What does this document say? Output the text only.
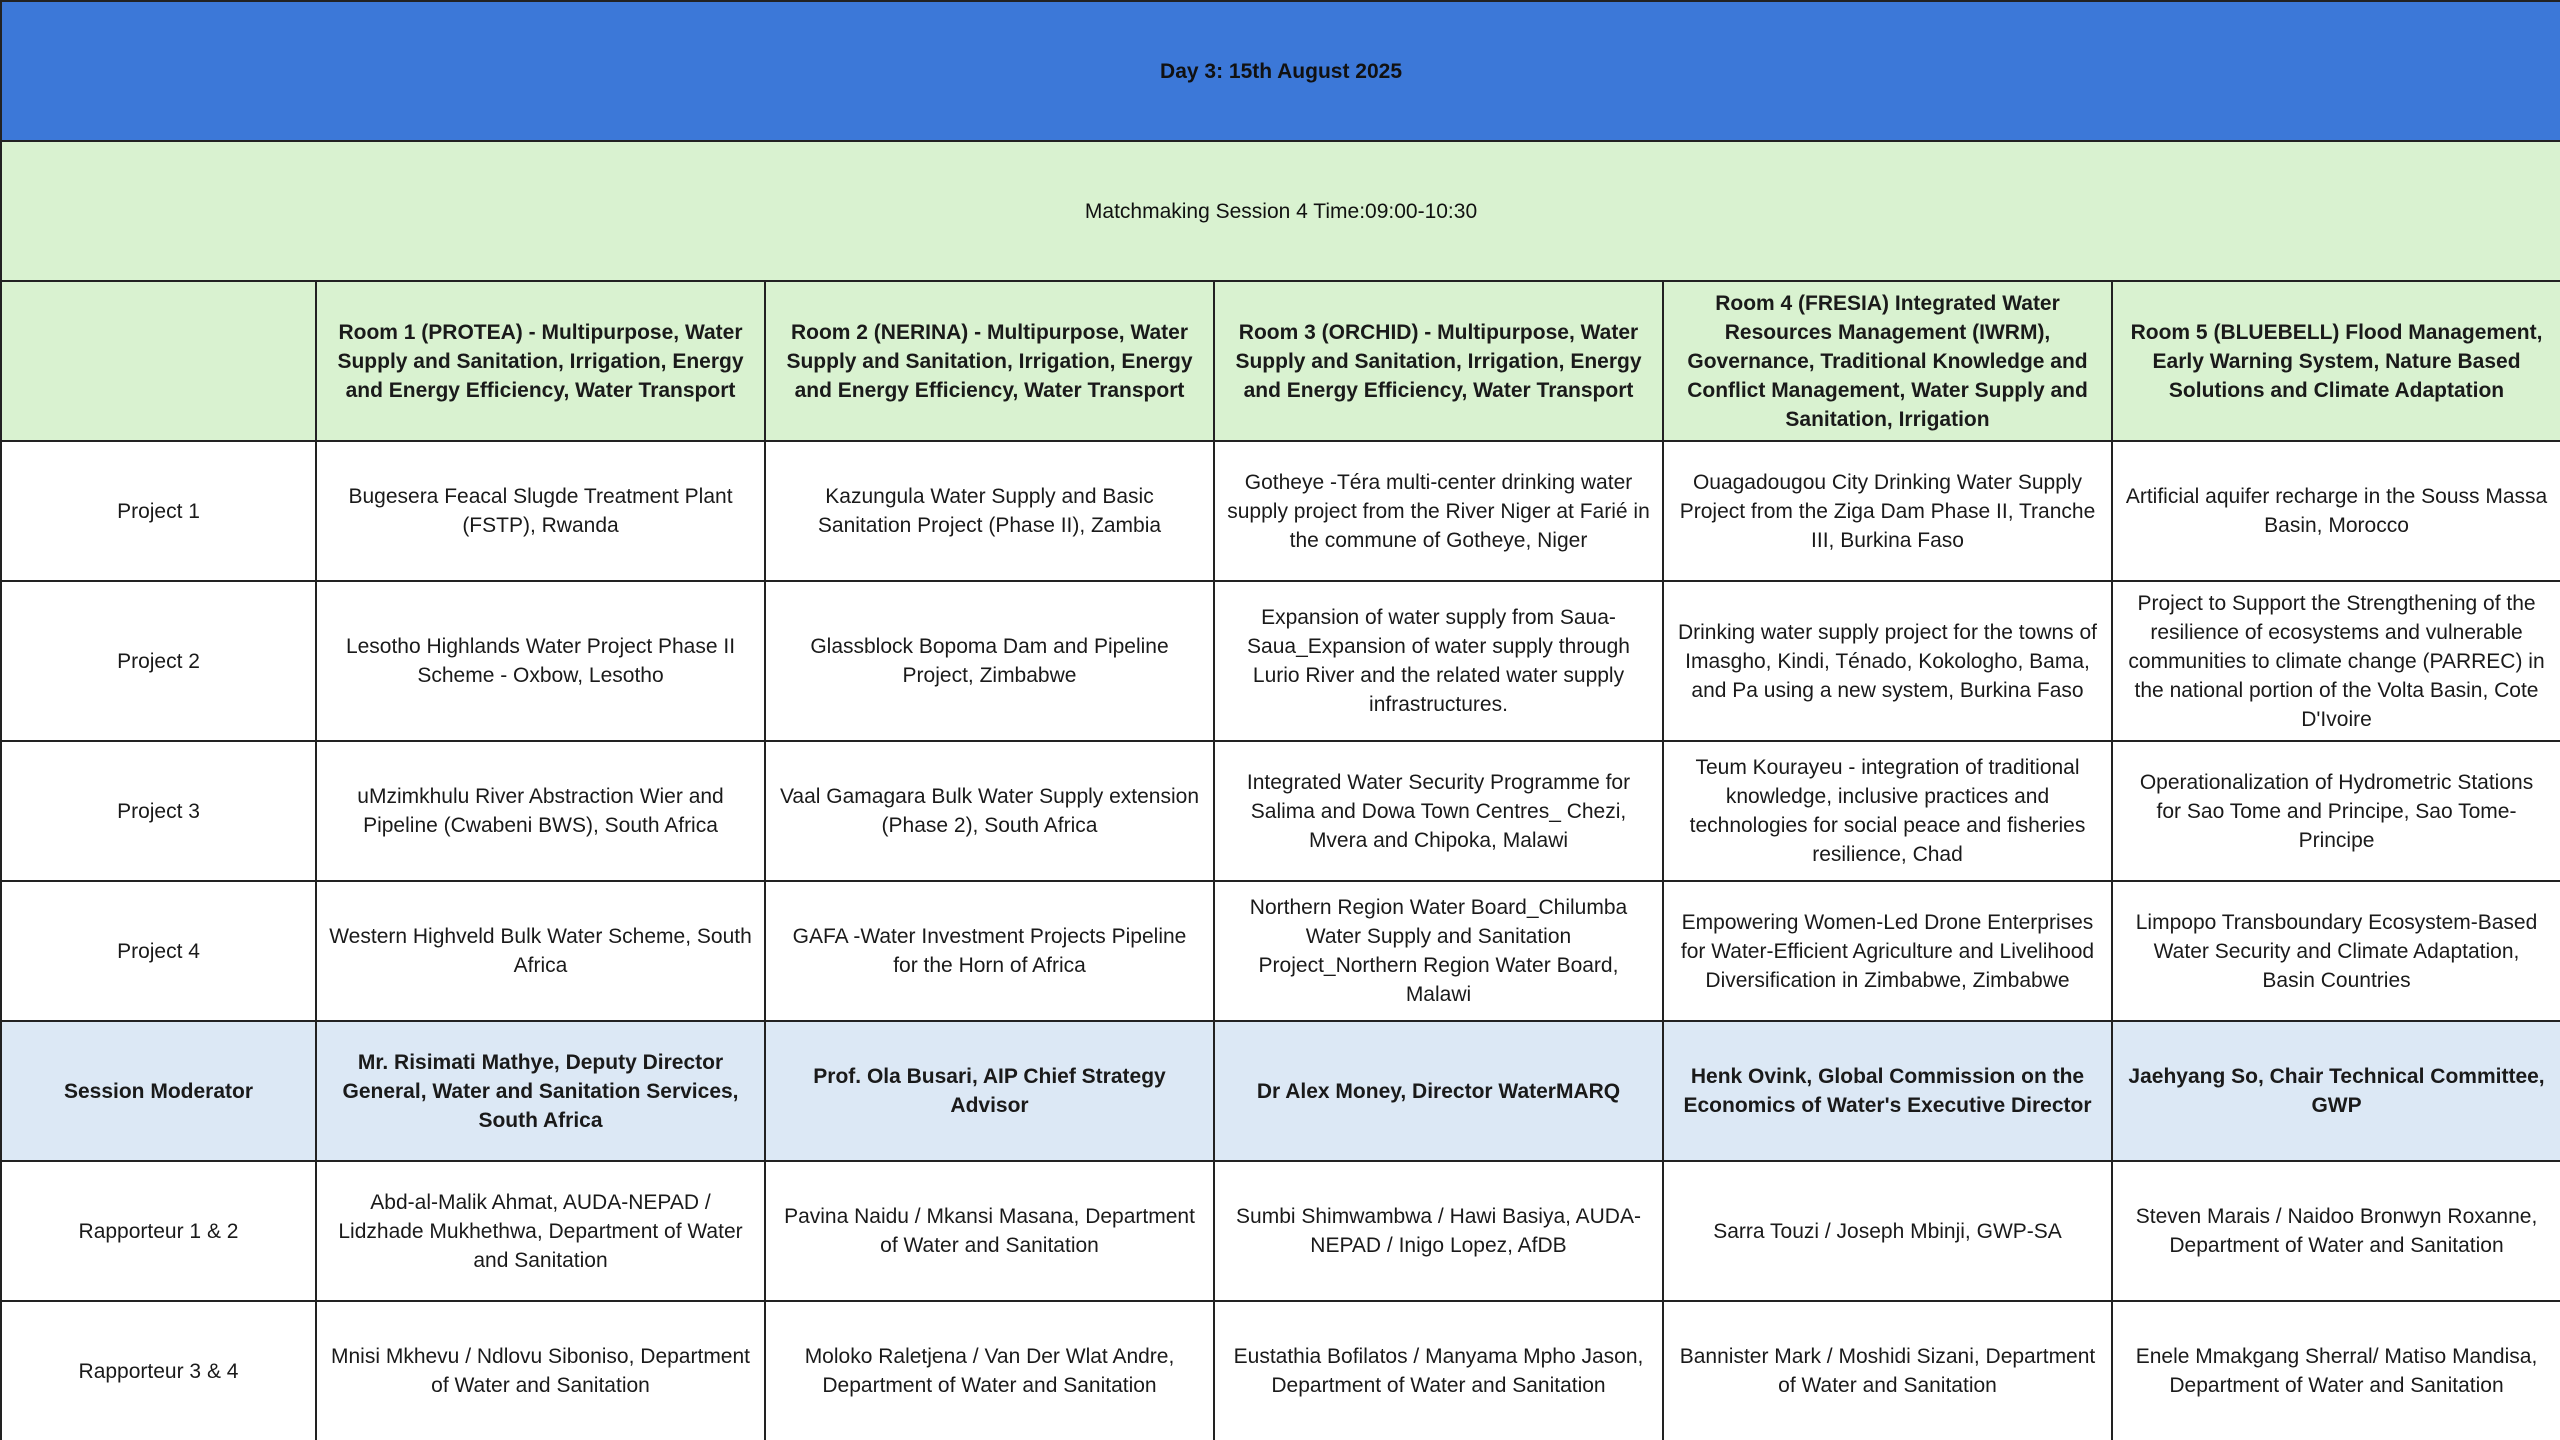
Day 3: 15th August 2025					
Matchmaking Session 4 Time:09:00-10:30					
	Room 1 (PROTEA) - Multipurpose, Water Supply and Sanitation, Irrigation, Energy and Energy Efficiency, Water Transport	Room 2 (NERINA) - Multipurpose, Water Supply and Sanitation, Irrigation, Energy and Energy Efficiency, Water Transport	Room 3 (ORCHID) - Multipurpose, Water Supply and Sanitation, Irrigation, Energy and Energy Efficiency, Water Transport	Room 4 (FRESIA) Integrated Water Resources Management (IWRM), Governance, Traditional Knowledge and Conflict Management, Water Supply and Sanitation, Irrigation	Room 5 (BLUEBELL) Flood Management, Early Warning System, Nature Based Solutions and Climate Adaptation
Project 1	Bugesera Feacal Slugde Treatment Plant (FSTP), Rwanda	Kazungula Water Supply and Basic Sanitation Project (Phase II), Zambia	Gotheye -Téra multi-center drinking water supply project from the River Niger at Farié in the commune of Gotheye, Niger	Ouagadougou City Drinking Water Supply Project from the Ziga Dam Phase II, Tranche III, Burkina Faso	Artificial aquifer recharge in the Souss Massa Basin, Morocco
Project 2	Lesotho Highlands Water Project Phase II Scheme - Oxbow, Lesotho	Glassblock Bopoma Dam and Pipeline Project, Zimbabwe	Expansion of water supply from Saua-Saua_Expansion of water supply through Lurio River and the related water supply infrastructures.	Drinking water supply project for the towns of Imasgho, Kindi, Ténado, Kokologho, Bama, and Pa using a new system, Burkina Faso	Project to Support the Strengthening of the resilience of ecosystems and vulnerable communities to climate change (PARREC) in the national portion of the Volta Basin, Cote D'Ivoire
Project 3	uMzimkhulu River Abstraction Wier and Pipeline (Cwabeni BWS), South Africa	Vaal Gamagara Bulk Water Supply extension (Phase 2), South Africa	Integrated Water Security Programme for Salima and Dowa Town Centres_ Chezi, Mvera and Chipoka, Malawi	Teum Kourayeu - integration of traditional knowledge, inclusive practices and technologies for social peace and fisheries resilience, Chad	Operationalization of Hydrometric Stations for Sao Tome and Principe, Sao Tome-Principe
Project 4	Western Highveld Bulk Water Scheme, South Africa	GAFA -Water Investment Projects Pipeline for the Horn of Africa	Northern Region Water Board_Chilumba Water Supply and Sanitation Project_Northern Region Water Board, Malawi	Empowering Women-Led Drone Enterprises for Water-Efficient Agriculture and Livelihood Diversification in Zimbabwe, Zimbabwe	Limpopo Transboundary Ecosystem-Based Water Security and Climate Adaptation, Basin Countries
Session Moderator	Mr. Risimati Mathye, Deputy Director General, Water and Sanitation Services, South Africa	Prof. Ola Busari, AIP Chief Strategy Advisor	Dr Alex Money, Director WaterMARQ	Henk Ovink, Global Commission on the Economics of Water's Executive Director	Jaehyang So, Chair Technical Committee, GWP
Rapporteur 1 & 2	Abd-al-Malik Ahmat, AUDA-NEPAD / Lidzhade Mukhethwa, Department of Water and Sanitation	Pavina Naidu / Mkansi Masana, Department of Water and Sanitation	Sumbi Shimwambwa / Hawi Basiya, AUDA-NEPAD / Inigo Lopez, AfDB	Sarra Touzi / Joseph Mbinji, GWP-SA	Steven Marais / Naidoo Bronwyn Roxanne, Department of Water and Sanitation
Rapporteur 3 & 4	Mnisi Mkhevu / Ndlovu Siboniso, Department of Water and Sanitation	Moloko Raletjena / Van Der Wlat Andre, Department of Water and Sanitation	Eustathia Bofilatos / Manyama Mpho Jason, Department of Water and Sanitation	Bannister Mark / Moshidi Sizani, Department of Water and Sanitation	Enele Mmakgang Sherral/ Matiso Mandisa, Department of Water and Sanitation
